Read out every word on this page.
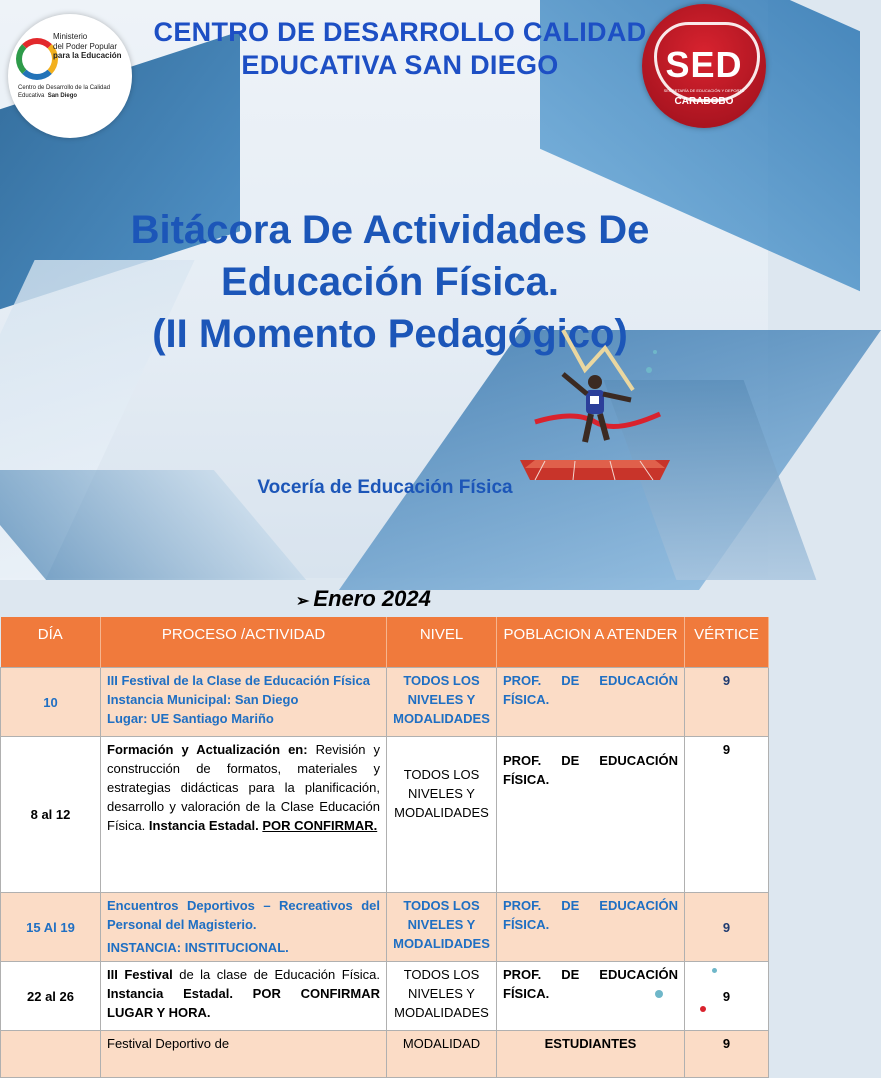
Ministerio
del Poder Popular
para la Educación
Centro de Desarrollo de la Calidad
Educativa San Diego
SED
SECRETARÍA DE EDUCACIÓN Y DEPORTE
CARABOBO
CENTRO DE DESARROLLO CALIDAD
EDUCATIVA SAN DIEGO
Bitácora De Actividades De
Educación Física.
(II Momento Pedagógico)
Vocería de Educación Física
➢ Enero 2024
DÍA	PROCESO /ACTIVIDAD	NIVEL	POBLACION A ATENDER	VÉRTICE
10	III Festival de la Clase de Educación Física
Instancia Municipal: San Diego
Lugar: UE Santiago Mariño	TODOS LOS NIVELES Y MODALIDADES	PROF. DE EDUCACIÓN FÍSICA.	9
8 al 12	Formación y Actualización en: Revisión y construcción de formatos, materiales y estrategias didácticas para la planificación, desarrollo y valoración de la Clase Educación Física. Instancia Estadal. POR CONFIRMAR.	TODOS LOS NIVELES Y MODALIDADES	PROF. DE EDUCACIÓN FÍSICA.	9
15 Al 19	Encuentros Deportivos – Recreativos del Personal del Magisterio.
INSTANCIA: INSTITUCIONAL.	TODOS LOS NIVELES Y MODALIDADES	PROF. DE EDUCACIÓN FÍSICA.	9
22 al 26	III Festival de la clase de Educación Física. Instancia Estadal. POR CONFIRMAR LUGAR Y HORA.	TODOS LOS NIVELES Y MODALIDADES	PROF. DE EDUCACIÓN FÍSICA.	9
	Festival Deportivo de	MODALIDAD	ESTUDIANTES	9
